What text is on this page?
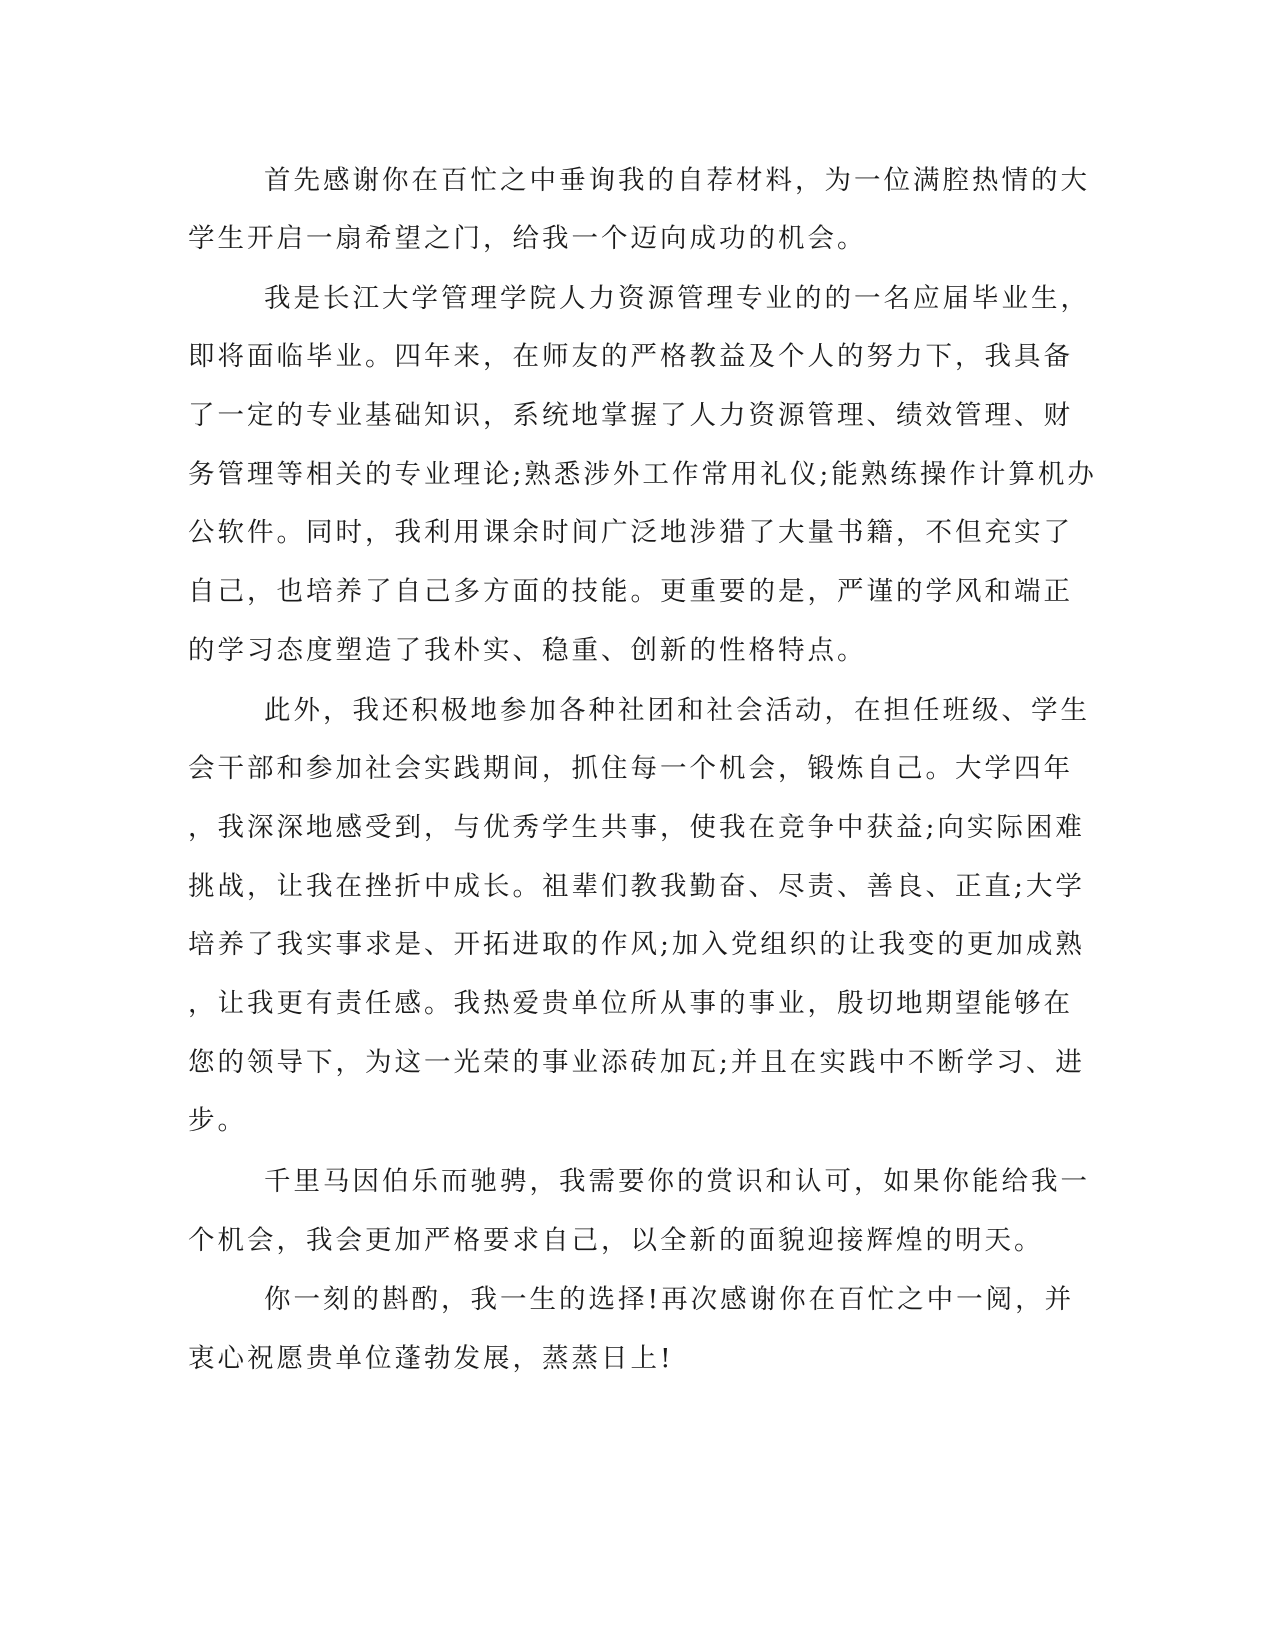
首先感谢你在百忙之中垂询我的自荐材料，为一位满腔热情的大
学生开启一扇希望之门，给我一个迈向成功的机会。
我是长江大学管理学院人力资源管理专业的的一名应届毕业生，
即将面临毕业。四年来，在师友的严格教益及个人的努力下，我具备
了一定的专业基础知识，系统地掌握了人力资源管理、绩效管理、财
务管理等相关的专业理论;熟悉涉外工作常用礼仪;能熟练操作计算机办
公软件。同时，我利用课余时间广泛地涉猎了大量书籍，不但充实了
自己，也培养了自己多方面的技能。更重要的是，严谨的学风和端正
的学习态度塑造了我朴实、稳重、创新的性格特点。
此外，我还积极地参加各种社团和社会活动，在担任班级、学生
会干部和参加社会实践期间，抓住每一个机会，锻炼自己。大学四年
，我深深地感受到，与优秀学生共事，使我在竞争中获益;向实际困难
挑战，让我在挫折中成长。祖辈们教我勤奋、尽责、善良、正直;大学
培养了我实事求是、开拓进取的作风;加入党组织的让我变的更加成熟
，让我更有责任感。我热爱贵单位所从事的事业，殷切地期望能够在
您的领导下，为这一光荣的事业添砖加瓦;并且在实践中不断学习、进
步。
千里马因伯乐而驰骋，我需要你的赏识和认可，如果你能给我一
个机会，我会更加严格要求自己，以全新的面貌迎接辉煌的明天。
你一刻的斟酌，我一生的选择!再次感谢你在百忙之中一阅，并
衷心祝愿贵单位蓬勃发展，蒸蒸日上!
